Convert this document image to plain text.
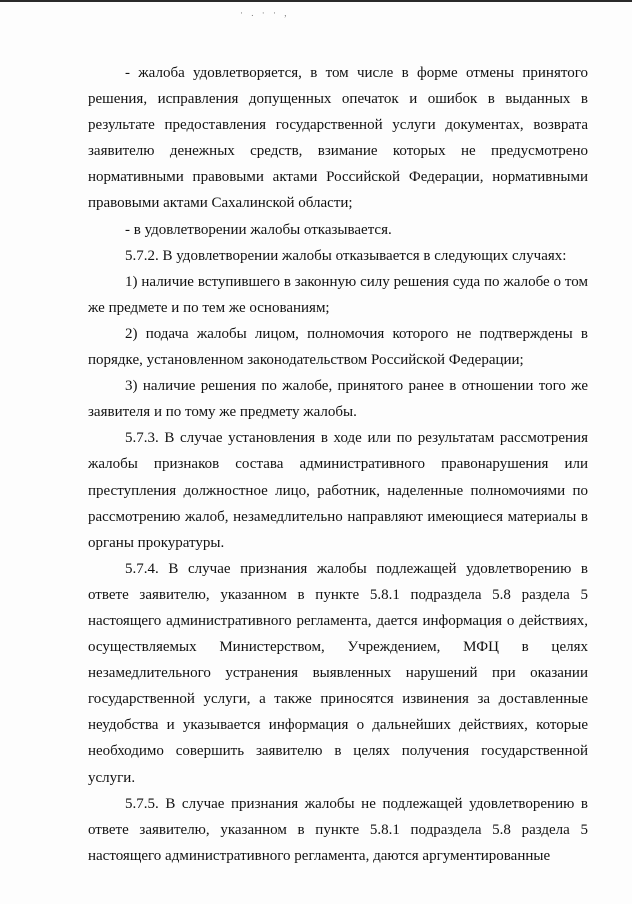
· . · · ,

- жалоба удовлетворяется, в том числе в форме отмены принятого решения, исправления допущенных опечаток и ошибок в выданных в результате предоставления государственной услуги документах, возврата заявителю денежных средств, взимание которых не предусмотрено нормативными правовыми актами Российской Федерации, нормативными правовыми актами Сахалинской области;

- в удовлетворении жалобы отказывается.

5.7.2. В удовлетворении жалобы отказывается в следующих случаях:

1) наличие вступившего в законную силу решения суда по жалобе о том же предмете и по тем же основаниям;

2) подача жалобы лицом, полномочия которого не подтверждены в порядке, установленном законодательством Российской Федерации;

3) наличие решения по жалобе, принятого ранее в отношении того же заявителя и по тому же предмету жалобы.

5.7.3. В случае установления в ходе или по результатам рассмотрения жалобы признаков состава административного правонарушения или преступления должностное лицо, работник, наделенные полномочиями по рассмотрению жалоб, незамедлительно направляют имеющиеся материалы в органы прокуратуры.

5.7.4. В случае признания жалобы подлежащей удовлетворению в ответе заявителю, указанном в пункте 5.8.1 подраздела 5.8 раздела 5 настоящего административного регламента, дается информация о действиях, осуществляемых Министерством, Учреждением, МФЦ в целях незамедлительного устранения выявленных нарушений при оказании государственной услуги, а также приносятся извинения за доставленные неудобства и указывается информация о дальнейших действиях, которые необходимо совершить заявителю в целях получения государственной услуги.

5.7.5. В случае признания жалобы не подлежащей удовлетворению в ответе заявителю, указанном в пункте 5.8.1 подраздела 5.8 раздела 5 настоящего административного регламента, даются аргументированные
